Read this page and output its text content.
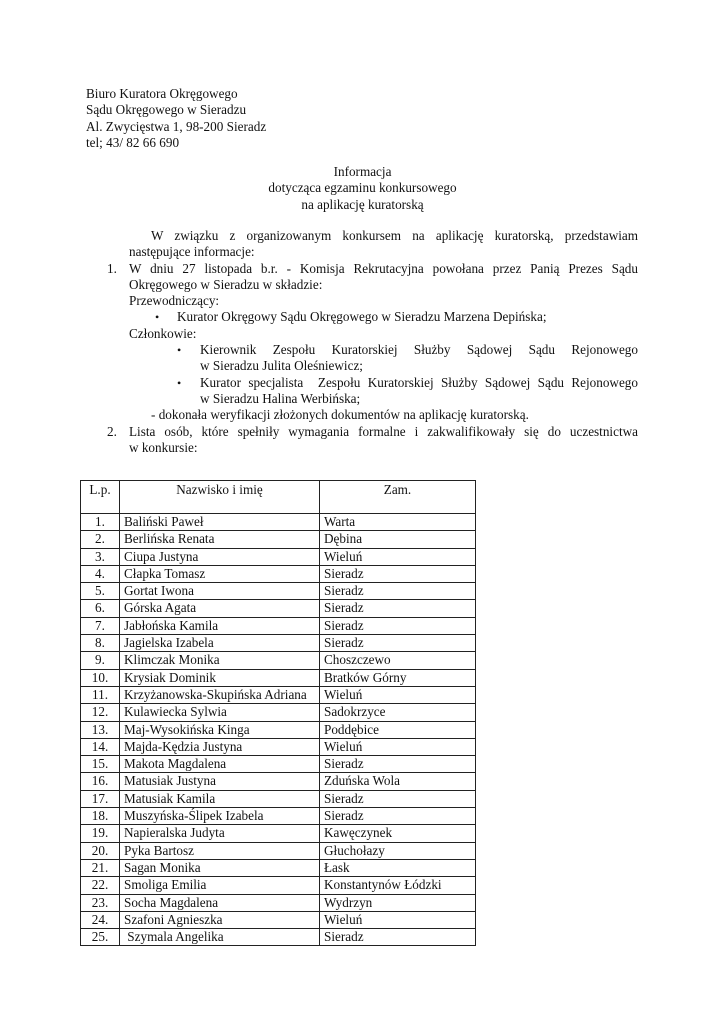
Biuro Kuratora Okręgowego
Sądu Okręgowego w Sieradzu
Al. Zwycięstwa 1, 98-200 Sieradz
tel; 43/ 82 66 690
Informacja
dotycząca egzaminu konkursowego
na aplikację kuratorską
W związku z organizowanym konkursem na aplikację kuratorską, przedstawiam
następujące informacje:
1. W dniu 27 listopada b.r. - Komisja Rekrutacyjna powołana przez Panią Prezes Sądu
Okręgowego w Sieradzu w składzie:
Przewodniczący:
• Kurator Okręgowy Sądu Okręgowego w Sieradzu Marzena Depińska;
Członkowie:
• Kierownik Zespołu Kuratorskiej Służby Sądowej Sądu Rejonowego
w Sieradzu Julita Oleśniewicz;
• Kurator specjalista  Zespołu Kuratorskiej Służby Sądowej Sądu Rejonowego
w Sieradzu Halina Werbińska;
- dokonała weryfikacji złożonych dokumentów na aplikację kuratorską.
2. Lista osób, które spełniły wymagania formalne i zakwalifikowały się do uczestnictwa
w konkursie:
L.p.	Nazwisko i imię	Zam.
1.	Baliński Paweł	Warta
2.	Berlińska Renata	Dębina
3.	Ciupa Justyna	Wieluń
4.	Cłapka Tomasz	Sieradz
5.	Gortat Iwona	Sieradz
6.	Górska Agata	Sieradz
7.	Jabłońska Kamila	Sieradz
8.	Jagielska Izabela	Sieradz
9.	Klimczak Monika	Choszczewo
10.	Krysiak Dominik	Bratków Górny
11.	Krzyżanowska-Skupińska Adriana	Wieluń
12.	Kulawiecka Sylwia	Sadokrzyce
13.	Maj-Wysokińska Kinga	Poddębice
14.	Majda-Kędzia Justyna	Wieluń
15.	Makota Magdalena	Sieradz
16.	Matusiak Justyna	Zduńska Wola
17.	Matusiak Kamila	Sieradz
18.	Muszyńska-Ślipek Izabela	Sieradz
19.	Napieralska Judyta	Kawęczynek
20.	Pyka Bartosz	Głuchołazy
21.	Sagan Monika	Łask
22.	Smoliga Emilia	Konstantynów Łódzki
23.	Socha Magdalena	Wydrzyn
24.	Szafoni Agnieszka	Wieluń
25.	Szymala Angelika	Sieradz
